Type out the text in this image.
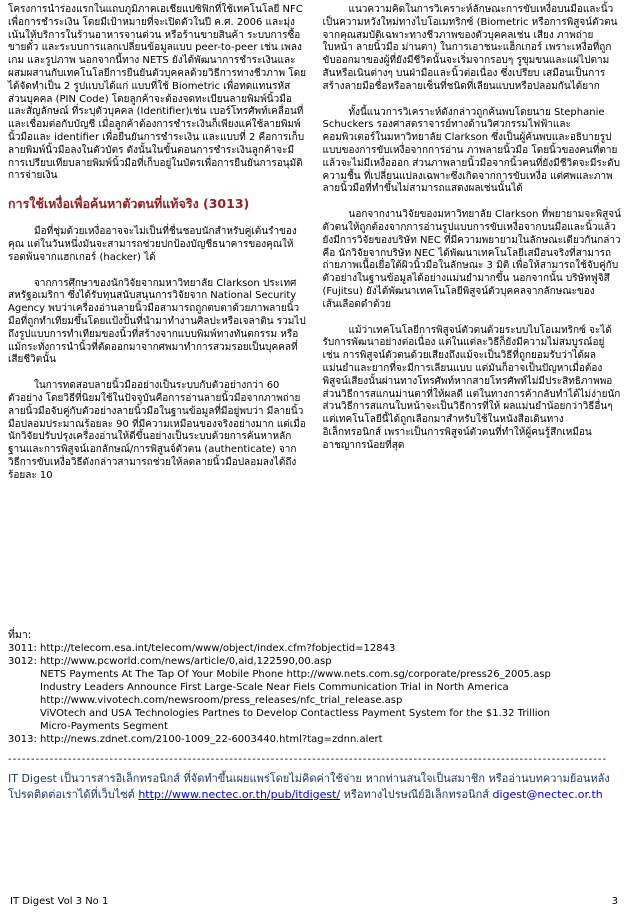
โครงการนำร่องแรกในแถบภูมิภาคเอเชียแปซิฟิกที่ใช้เทคโนโลยี NFC เพื่อการชำระเงิน โดยมีเป้าหมายที่จะเปิดตัวในปี ค.ศ. 2006 และมุ่งเน้นให้บริการในร้านอาหารจานด่วน หรือร้านขายสินค้า ระบบการซื้อขายตั๋ว และระบบการแลกเปลี่ยนข้อมูลแบบ peer-to-peer เช่น เพลง เกม และรูปภาพ นอกจากนี้ทาง NETS ยังได้พัฒนาการชำระเงินและผสมผสานกับเทคโนโลยีการยืนยันตัวบุคคลด้วยวิธีการทางชีวภาพ โดยได้จัดทำเป็น 2 รูปแบบได้แก่ แบบที่ใช้ Biometric เพื่อทดแทนรหัสส่วนบุคคล (PIN Code) โดยลูกค้าจะต้องจดทะเบียนลายพิมพ์นิ้วมือและสัญลักษณ์ ที่ระบุตัวบุคคล (Identifier)เช่น เบอร์โทรศัพท์เคลื่อนที่และเชื่อมต่อกับบัญชี เมื่อลูกค้าต้องการชำระเงินก็เพียงแค่ใช้ลายพิมพ์นิ้วมือและ identifier เพื่อยืนยันการชำระเงิน และแบบที่ 2 คือการเก็บลายพิมพ์นิ้วมือลงในตัวบัตร ดังนั้นในขั้นตอนการชำระเงินลูกค้าจะมีการเปรียบเทียบลายพิมพ์นิ้วมือที่เก็บอยู่ในบัตรเพื่อการยืนยันการอนุมัติการจ่ายเงิน

การใช้เหงื่อเพื่อค้นหาตัวตนที่แท้จริง (3013)

มือที่ชุ่มด้วยเหงื่ออาจจะไม่เป็นที่ชื่นชอบนักสำหรับคู่เต้นรำของคุณ แต่ในวันหนึ่งมันจะสามารถช่วยปกป้องบัญชีธนาคารของคุณให้รอดพ้นจากแฮกเกอร์ (hacker) ได้

จากการศึกษาของนักวิจัยจากมหาวิทยาลัย Clarkson ประเทศสหรัฐอเมริกา ซึ่งได้รับทุนสนับสนุนการวิจัยจาก National Security Agency พบว่าเครื่องอ่านลายนิ้วมือสามารถถูกตบตาด้วยภาพลายนิ้วมือที่ถูกทำเทียมขึ้นโดยแป้งปั้นที่นำมาทำงานศิลปะหรือเจลาติน รวมไปถึงรูปแบบการทำเทียมของนิ้วที่สร้างจากแบบพิมพ์ทางทันตกรรม หรือแม้กระทั่งการนำนิ้วที่ตัดออกมาจากศพมาทำการสวมรอยเป็นบุคคลที่เสียชีวิตนั้น

ในการทดสอบลายนิ้วมืออย่างเป็นระบบกับตัวอย่างกว่า 60 ตัวอย่าง โดยวิธีที่นิยมใช้ในปัจจุบันคือการอ่านลายนิ้วมือจากภาพถ่ายลายนิ้วมือจับคู่กับตัวอย่างลายนิ้วมือในฐานข้อมูลที่มีอยู่พบว่า มีลายนิ้วมือปลอมประมาณร้อยละ 90 ที่มีความเหมือนของจริงอย่างมาก แต่เมื่อนักวิจัยปรับปรุงเครื่องอ่านให้ดีขึ้นอย่างเป็นระบบด้วยการค้นหาหลักฐานและการพิสูจน์เอกลักษณ์/การพิสูนจ์ตัวตน (authenticate) จากวิธีการขับเหงื่อวิธีดังกล่าวสามารถช่วยให้ลดลายนิ้วมือปลอมลงได้ถึงร้อยละ 10

แนวความคิดในการวิเคราะห์ลักษณะการขับเหงื่อบนมือและนิ้วเป็นความหวังใหม่ทางไบโอเมทริกซ์ (Biometric หรือการพิสูจน์ตัวตนจากคุณสมบัติเฉพาะทางชีวภาพของตัวบุคคลเช่น เสียง ภาพถ่ายใบหน้า ลายนิ้วมือ ม่านตา) ในการเอาชนะแฮ็กเกอร์ เพราะเหงื่อที่ถูกขับออกมาของผู้ที่ยังมีชีวิตนั้นจะเริ่มจากรอบๆ รูขุมขนและแผ่ไปตามสันหรือเนินต่างๆ บนฝ่ามือและนิ้วต่อเนื่อง ซึ่งเปรียบ เสมือนเป็นการสร้างลายมือชื่อหรือลายเซ็นที่ชนิดที่เลียนแบบหรือปลอมกันได้ยาก

ทั้งนี้แนวการวิเคราะห์ดังกล่าวถูกค้นพบโดยนาย Stephanie Schuckers รองศาสตราจารย์ทางด้านวิศวกรรมไฟฟ้าและคอมพิวเตอร์ในมหาวิทยาลัย Clarkson ซึ่งเป็นผู้ค้นพบและอธิบายรูปแบบของการขับเหงื่อจากการอ่าน ภาพลายนิ้วมือ โดยนิ้วของคนที่ตายแล้วจะไม่มีเหงื่อออก ส่วนภาพลายนิ้วมือจากนิ้วคนที่ยังมีชีวิตจะมีระดับความชื้น ที่เปลี่ยนแปลงเฉพาะซึ่งเกิดจากการขับเหงื่อ แต่ศพและภาพลายนิ้วมือที่ทำขึ้นไม่สามารถแสดงผลเช่นนั้นได้

นอกจากงานวิจัยของมหาวิทยาลัย Clarkson ที่พยายามจะพิสูจน์ตัวตนให้ถูกต้องจากการอ่านรูปแบบการขับเหงื่อจากบนมือและนิ้วแล้ว ยังมีการวิจัยของบริษัท NEC ที่มีความพยายามในลักษณะเดียวกันกล่าวคือ นักวิจัยจากบริษัท NEC ได้พัฒนาเทคโนโลยีเสมือนจริงที่สามารถถ่ายภาพเนื้อเยื่อใต้ผิวนิ้วมือในลักษณะ 3 มิติ เพื่อให้สามารถใช้จับคู่กับตัวอย่างในฐานข้อมูลได้อย่างแม่นยำมากขึ้น นอกจากนั้น บริษัทฟูจิสึ (Fujitsu) ยังได้พัฒนาเทคโนโลยีพิสูจน์ตัวบุคคลจากลักษณะของเส้นเลือดดำด้วย

แม้ว่าเทคโนโลยีการพิสูจน์ตัวตนด้วยระบบไบโอเมทริกซ์ จะได้รับการพัฒนาอย่างต่อเนื่อง แต่ในแต่ละวิธีก็ยังมีความไม่สมบูรณ์อยู่ เช่น การพิสูจน์ตัวตนด้วยเสียงถึงแม้จะเป็นวิธีที่ถูกยอมรับว่าได้ผลแม่นยำและยากที่จะมีการเลียนแบบ แต่มันก็อาจเป็นปัญหาเมื่อต้องพิสูจน์เสียงนั้นผ่านทางโทรศัพท์หากสายโทรศัพท์ไม่มีประสิทธิภาพพอ ส่วนวิธีการสแกนม่านตาที่ให้ผลดี แต่ในทางการค้ากลับทำได้ไม่ง่ายนัก ส่วนวิธีการสแกนใบหน้าจะเป็นวิธีการที่ให้ ผลแม่นยำน้อยกว่าวิธีอื่นๆ แต่เทคโนโลยีนี้ได้ถูกเลือกมาสำหรับใช้ในหนังสือเดินทางอิเล็กทรอนิกส์ เพราะเป็นการพิสูจน์ตัวตนที่ทำให้ผู้คนรู้สึกเหมือนอาชญากรน้อยที่สุด

ที่มา:
3011: http://telecom.esa.int/telecom/www/object/index.cfm?fobjectid=12843
3012: http://www.pcworld.com/news/article/0,aid,122590,00.asp
NETS Payments At The Tap Of Your Mobile Phone http://www.nets.com.sg/corporate/press26_2005.asp
Industry Leaders Announce First Large-Scale Near Fiels Communication Trial in North America
http://www.vivotech.com/newsroom/press_releases/nfc_trial_release.asp
ViVOtech and USA Technologies Partnes to Develop Contactless Payment System for the $1.32 Trillion
Micro-Payments Segment
3013: http://news.zdnet.com/2100-1009_22-6003440.html?tag=zdnn.alert
----------------------------------------------------------------------------------------------------------------------------------
IT Digest เป็นวารสารอิเล็กทรอนิกส์ ที่จัดทำขึ้นเผยแพร่โดยไม่คิดค่าใช้จ่าย หากท่านสนใจเป็นสมาชิก หรืออ่านบทความย้อนหลัง โปรดติดต่อเราได้ที่เว็บไซต์ http://www.nectec.or.th/pub/itdigest/ หรือทางไปรษณีย์อิเล็กทรอนิกส์ digest@nectec.or.th
IT Digest Vol 3 No 1	3
